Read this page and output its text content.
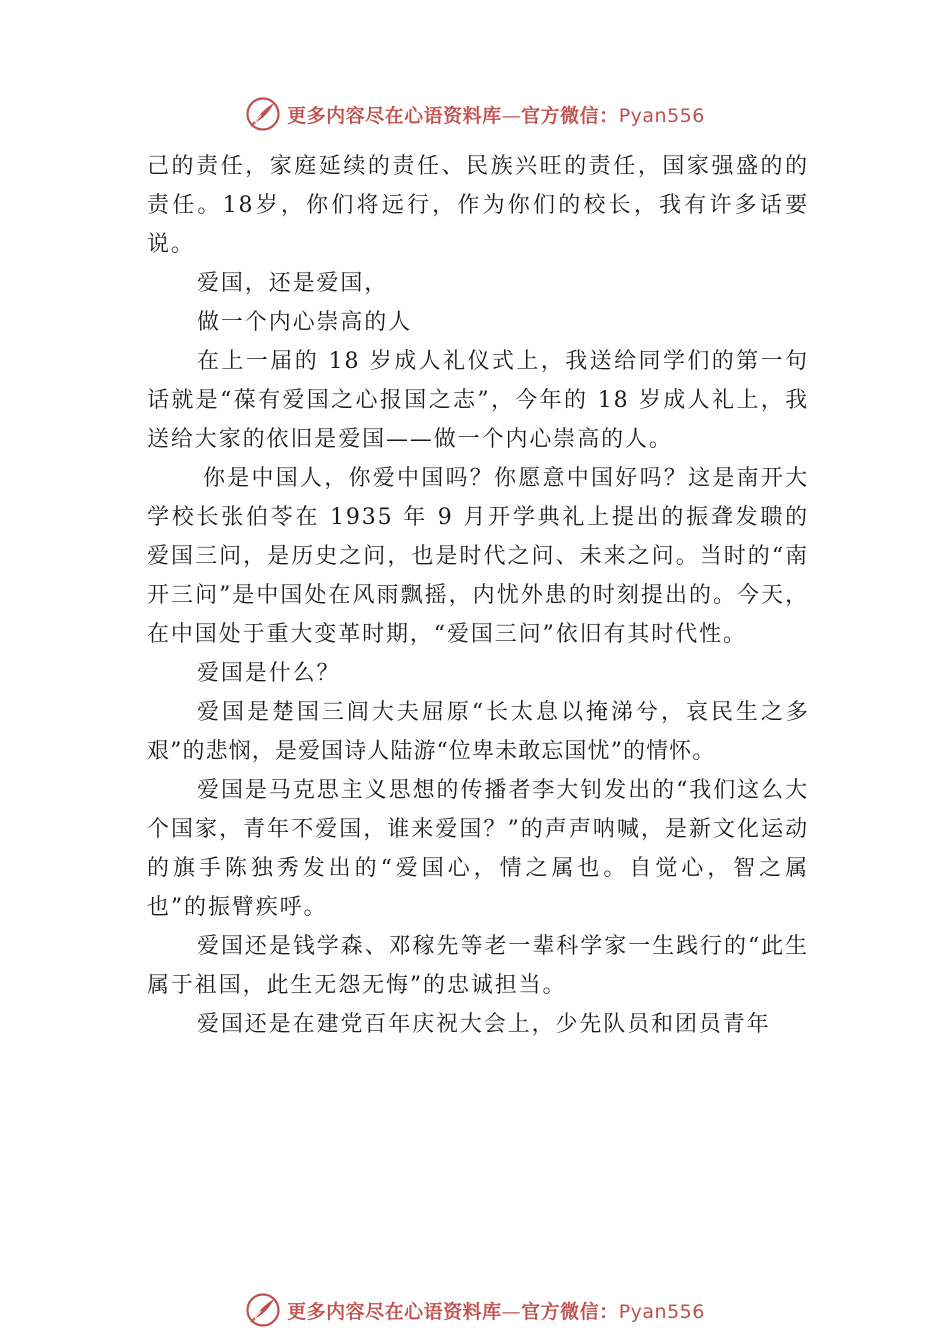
更多内容尽在心语资料库—官方微信：Pyan556

己的责任，家庭延续的责任、民族兴旺的责任，国家强盛的的责任。18岁，你们将远行，作为你们的校长，我有许多话要说。

爱国，还是爱国，

做一个内心崇高的人

在上一届的 18 岁成人礼仪式上，我送给同学们的第一句话就是“葆有爱国之心报国之志”，今年的 18 岁成人礼上，我送给大家的依旧是爱国——做一个内心崇高的人。

你是中国人，你爱中国吗？你愿意中国好吗？这是南开大学校长张伯苓在 1935 年 9 月开学典礼上提出的振聋发聩的爱国三问，是历史之问，也是时代之问、未来之问。当时的“南开三问”是中国处在风雨飘摇，内忧外患的时刻提出的。今天，在中国处于重大变革时期，“爱国三问”依旧有其时代性。

爱国是什么？

爱国是楚国三闾大夫屈原“长太息以掩涕兮，哀民生之多艰”的悲悯，是爱国诗人陆游“位卑未敢忘国忧”的情怀。

爱国是马克思主义思想的传播者李大钊发出的“我们这么大个国家，青年不爱国，谁来爱国？”的声声呐喊，是新文化运动的旗手陈独秀发出的“爱国心，情之属也。自觉心，智之属也”的振臂疾呼。

爱国还是钱学森、邓稼先等老一辈科学家一生践行的“此生属于祖国，此生无怨无悔”的忠诚担当。

爱国还是在建党百年庆祝大会上，少先队员和团员青年

更多内容尽在心语资料库—官方微信：Pyan556
